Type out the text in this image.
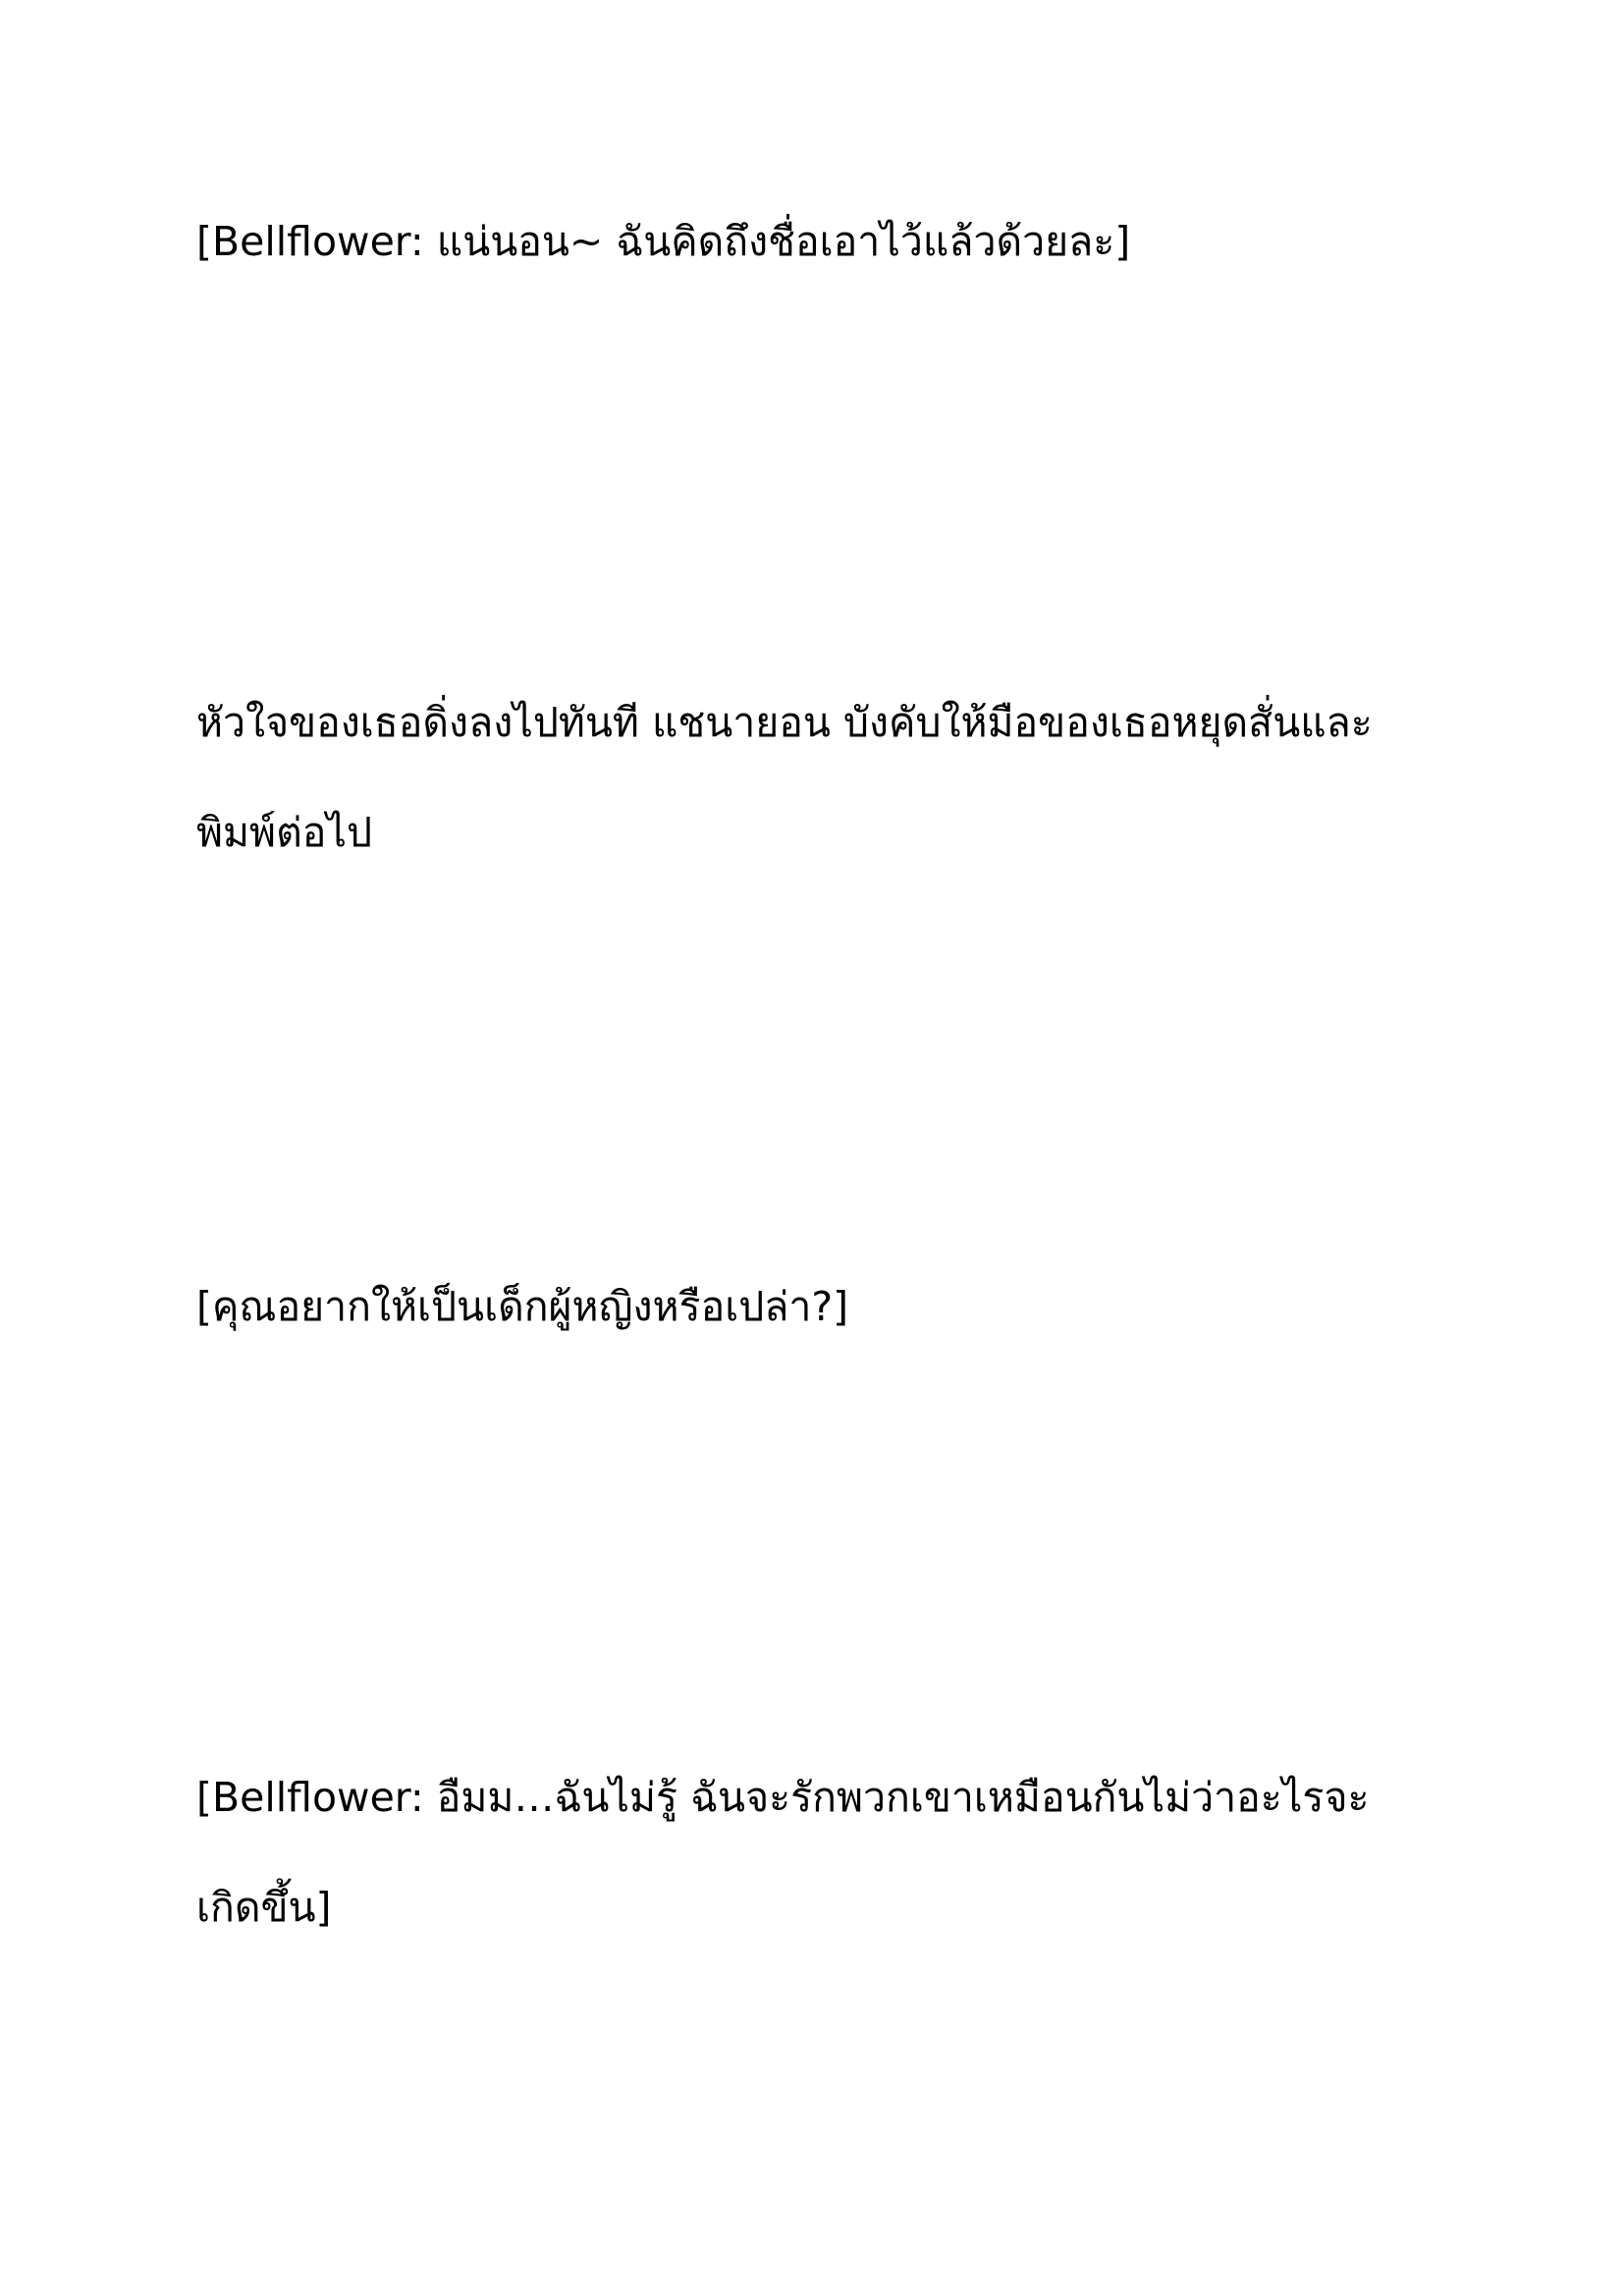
[Bellflower: แน่นอน~ ฉันคิดถึงชื่อเอาไว้แล้วด้วยละ]

หัวใจของเธอดิ่งลงไปทันที แชนายอน บังคับให้มือของเธอหยุดสั่นและพิมพ์ต่อไป

[คุณอยากให้เป็นเด็กผู้หญิงหรือเปล่า?]

[Bellflower: อืมม…ฉันไม่รู้ ฉันจะรักพวกเขาเหมือนกันไม่ว่าอะไรจะเกิดขึ้น]
